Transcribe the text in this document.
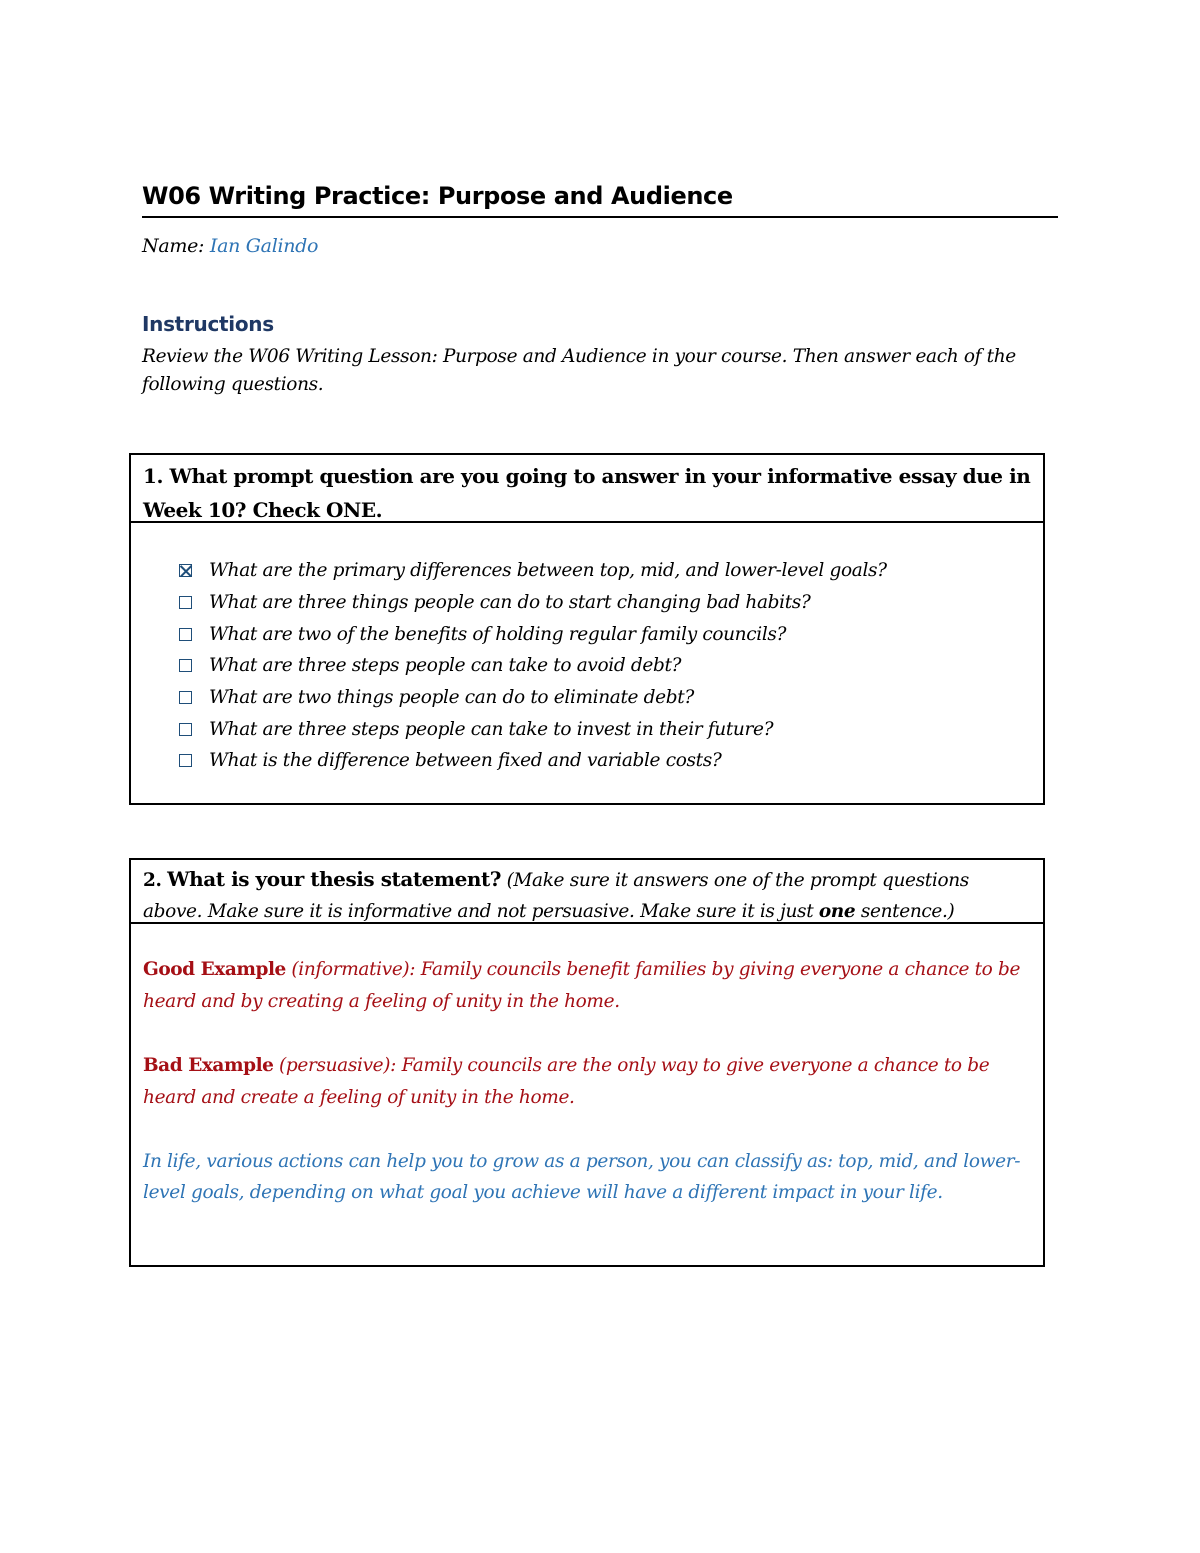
W06 Writing Practice: Purpose and Audience
Name: Ian Galindo
Instructions
Review the W06 Writing Lesson: Purpose and Audience in your course. Then answer each of the following questions.
1. What prompt question are you going to answer in your informative essay due in Week 10? Check ONE.
What are the primary differences between top, mid, and lower-level goals?
What are three things people can do to start changing bad habits?
What are two of the benefits of holding regular family councils?
What are three steps people can take to avoid debt?
What are two things people can do to eliminate debt?
What are three steps people can take to invest in their future?
What is the difference between fixed and variable costs?
2. What is your thesis statement? (Make sure it answers one of the prompt questions above. Make sure it is informative and not persuasive. Make sure it is just one sentence.)

Good Example (informative): Family councils benefit families by giving everyone a chance to be heard and by creating a feeling of unity in the home.

Bad Example (persuasive): Family councils are the only way to give everyone a chance to be heard and create a feeling of unity in the home.

In life, various actions can help you to grow as a person, you can classify as: top, mid, and lower-level goals, depending on what goal you achieve will have a different impact in your life.
